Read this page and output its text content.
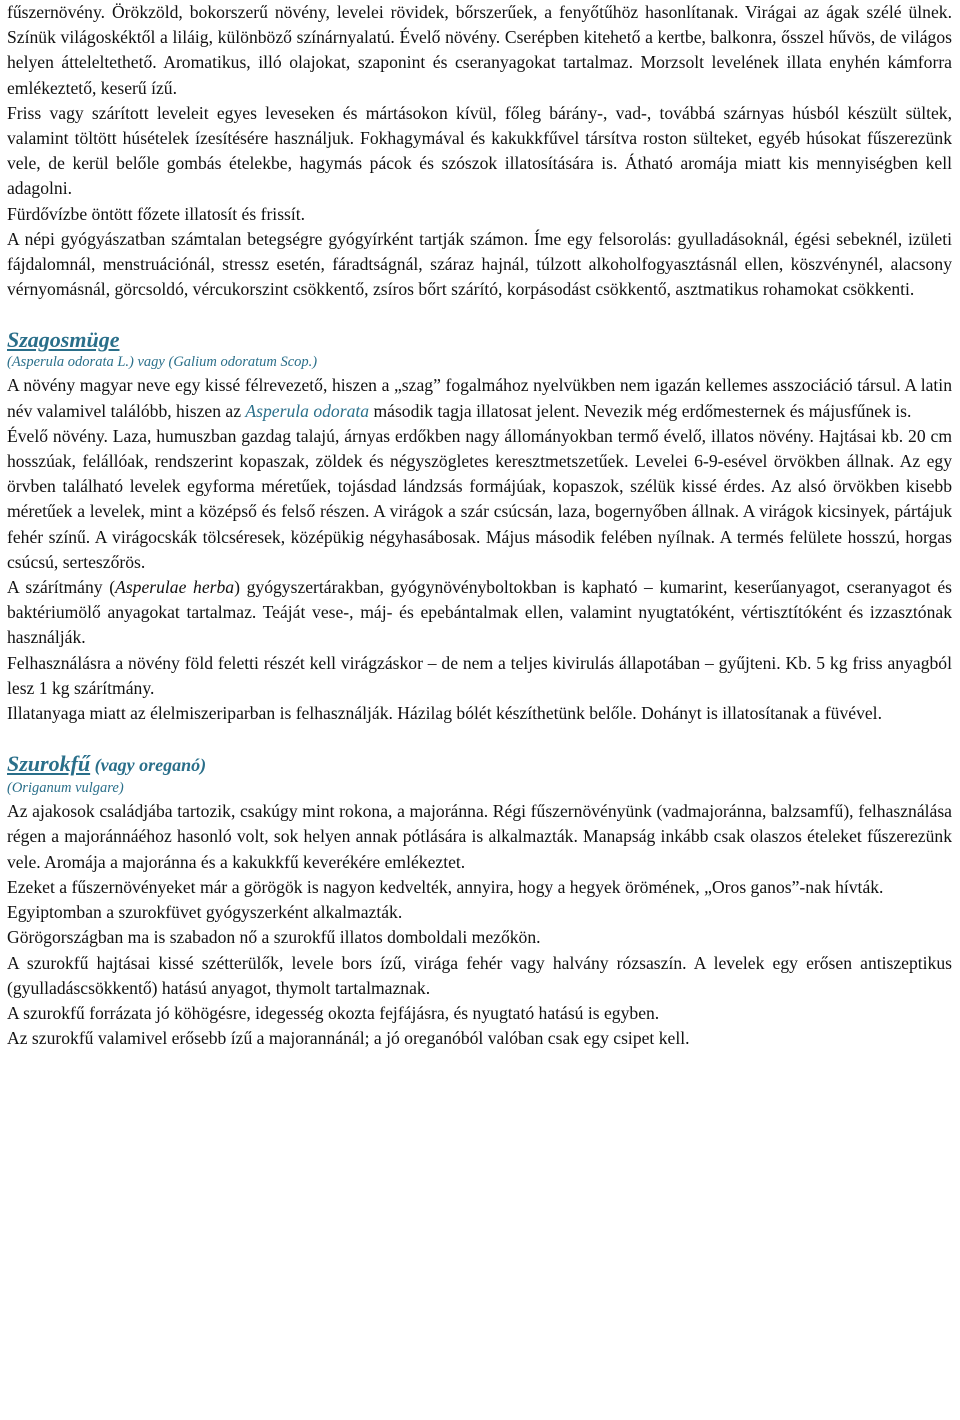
fűszernövény. Örökzöld, bokorszerű növény, levelei rövidek, bőrszerűek, a fenyőtűhöz hasonlítanak. Virágai az ágak szélé ülnek. Színük világoskéktől a liláig, különböző színárnyalatú. Évelő növény. Cserépben kitehető a kertbe, balkonra, ősszel hűvös, de világos helyen átteleltethető. Aromatikus, illó olajokat, szaponint és cseranyagokat tartalmaz. Morzsolt levelének illata enyhén kámforra emlékeztető, keserű ízű.

Friss vagy szárított leveleit egyes leveseken és mártásokon kívül, főleg bárány-, vad-, továbbá szárnyas húsból készült sültek, valamint töltött húsételek ízesítésére használjuk. Fokhagymával és kakukkfűvel társítva roston sülteket, egyéb húsokat fűszerezünk vele, de kerül belőle gombás ételekbe, hagymás pácok és szószok illatosítására is. Átható aromája miatt kis mennyiségben kell adagolni.

Fürdővízbe öntött főzete illatosít és frissít.

A népi gyógyászatban számtalan betegségre gyógyírként tartják számon. Íme egy felsorolás: gyulladásoknál, égési sebeknél, izületi fájdalomnál, menstruációnál, stressz esetén, fáradtságnál, száraz hajnál, túlzott alkoholfogyasztásnál ellen, köszvénynél, alacsony vérnyomásnál, görcsoldó, vércukorszint csökkentő, zsíros bőrt szárító, korpásodást csökkentő, asztmatikus rohamokat csökkenti.

Szagosmüge

(Asperula odorata L.) vagy (Galium odoratum Scop.)

A növény magyar neve egy kissé félrevezető, hiszen a „szag” fogalmához nyelvükben nem igazán kellemes asszociáció társul. A latin név valamivel találóbb, hiszen az Asperula odorata második tagja illatosat jelent. Nevezik még erdőmesternek és májusfűnek is.

Évelő növény. Laza, humuszban gazdag talajú, árnyas erdőkben nagy állományokban termő évelő, illatos növény. Hajtásai kb. 20 cm hosszúak, felállóak, rendszerint kopaszak, zöldek és négyszögletes keresztmetszetűek. Levelei 6-9-esével örvökben állnak. Az egy örvben található levelek egyforma méretűek, tojásdad lándzsás formájúak, kopaszok, szélük kissé érdes. Az alsó örvökben kisebb méretűek a levelek, mint a középső és felső részen. A virágok a szár csúcsán, laza, bogernyőben állnak. A virágok kicsinyek, pártájuk fehér színű. A virágocskák tölcséresek, középükig négyhasábosak. Május második felében nyílnak. A termés felülete hosszú, horgas csúcsú, serteszőrös.

A szárítmány (Asperulae herba) gyógyszertárakban, gyógynövényboltokban is kapható – kumarint, keserűanyagot, cseranyagot és baktériumölő anyagokat tartalmaz. Teáját vese-, máj- és epebántalmak ellen, valamint nyugtatóként, vértisztítóként és izzasztónak használják.

Felhasználásra a növény föld feletti részét kell virágzáskor – de nem a teljes kivirulás állapotában – gyűjteni. Kb. 5 kg friss anyagból lesz 1 kg szárítmány.

Illatanyaga miatt az élelmiszeriparban is felhasználják. Házilag bólét készíthetünk belőle. Dohányt is illatosítanak a füvével.

Szurokfű (vagy oreganó)

(Origanum vulgare)

Az ajakosok családjába tartozik, csakúgy mint rokona, a majoránna. Régi fűszernövényünk (vadmajoránna, balzsamfű), felhasználása régen a majoránnáéhoz hasonló volt, sok helyen annak pótlására is alkalmazták. Manapság inkább csak olaszos ételeket fűszerezünk vele. Aromája a majoránna és a kakukkfű keverékére emlékeztet.

Ezeket a fűszernövényeket már a görögök is nagyon kedvelték, annyira, hogy a hegyek örömének, „Oros ganos”-nak hívták.

Egyiptomban a szurokfüvet gyógyszerként alkalmazták.

Görögországban ma is szabadon nő a szurokfű illatos domboldali mezőkön.

A szurokfű hajtásai kissé szétterülők, levele bors ízű, virága fehér vagy halvány rózsaszín. A levelek egy erősen antiszeptikus (gyulladáscsökkentő) hatású anyagot, thymolt tartalmaznak.

A szurokfű forrázata jó köhögésre, idegesség okozta fejfájásra, és nyugtató hatású is egyben.

Az szurokfű valamivel erősebb ízű a majorannánál; a jó oreganóból valóban csak egy csipet kell.
